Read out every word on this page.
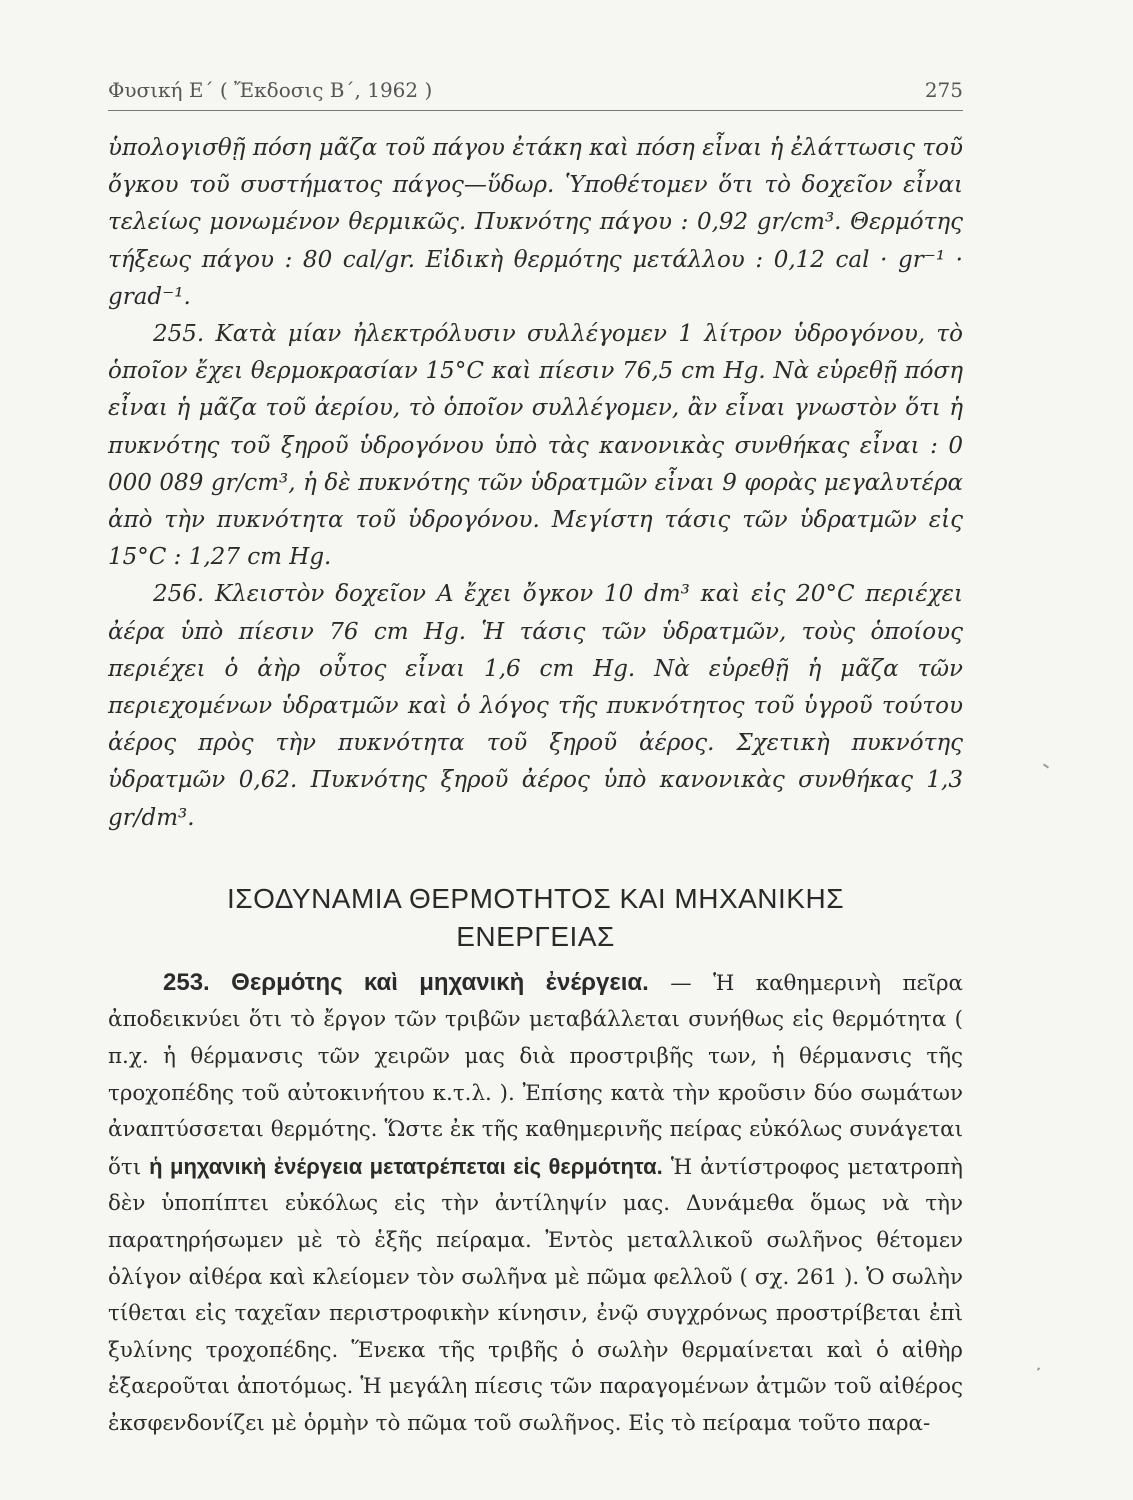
Φυσική Ε΄ ( Ἔκδοσις Β΄, 1962 )	275

ὑπολογισθῇ πόση μᾶζα τοῦ πάγου ἐτάκη καὶ πόση εἶναι ἡ ἐλάττωσις τοῦ ὄγκου τοῦ συστήματος πάγος—ὕδωρ. Ὑποθέτομεν ὅτι τὸ δοχεῖον εἶναι τελείως μονωμένον θερμικῶς. Πυκνότης πάγου : 0,92 gr/cm³. Θερμότης τήξεως πάγου : 80 cal/gr. Εἰδικὴ θερμότης μετάλλου : 0,12 cal · gr⁻¹ · grad⁻¹.

255. Κατὰ μίαν ἠλεκτρόλυσιν συλλέγομεν 1 λίτρον ὑδρογόνου, τὸ ὁποῖον ἔχει θερμοκρασίαν 15°C καὶ πίεσιν 76,5 cm Hg. Νὰ εὑρεθῇ πόση εἶναι ἡ μᾶζα τοῦ ἀερίου, τὸ ὁποῖον συλλέγομεν, ἂν εἶναι γνωστὸν ὅτι ἡ πυκνότης τοῦ ξηροῦ ὑδρογόνου ὑπὸ τὰς κανονικὰς συνθήκας εἶναι : 0 000 089 gr/cm³, ἡ δὲ πυκνότης τῶν ὑδρατμῶν εἶναι 9 φορὰς μεγαλυτέρα ἀπὸ τὴν πυκνότητα τοῦ ὑδρογόνου. Μεγίστη τάσις τῶν ὑδρατμῶν εἰς 15°C : 1,27 cm Hg.

256. Κλειστὸν δοχεῖον Α ἔχει ὄγκον 10 dm³ καὶ εἰς 20°C περιέχει ἀέρα ὑπὸ πίεσιν 76 cm Hg. Ἡ τάσις τῶν ὑδρατμῶν, τοὺς ὁποίους περιέχει ὁ ἀὴρ οὗτος εἶναι 1,6 cm Hg. Νὰ εὑρεθῇ ἡ μᾶζα τῶν περιεχομένων ὑδρατμῶν καὶ ὁ λόγος τῆς πυκνότητος τοῦ ὑγροῦ τούτου ἀέρος πρὸς τὴν πυκνότητα τοῦ ξηροῦ ἀέρος. Σχετικὴ πυκνότης ὑδρατμῶν 0,62. Πυκνότης ξηροῦ ἀέρος ὑπὸ κανονικὰς συνθήκας 1,3 gr/dm³.

ΙΣΟΔΥΝΑΜΙΑ ΘΕΡΜΟΤΗΤΟΣ ΚΑΙ ΜΗΧΑΝΙΚΗΣ
ΕΝΕΡΓΕΙΑΣ

253. Θερμότης καὶ μηχανικὴ ἐνέργεια. — Ἡ καθημερινὴ πεῖρα ἀποδεικνύει ὅτι τὸ ἔργον τῶν τριβῶν μεταβάλλεται συνήθως εἰς θερμότητα ( π.χ. ἡ θέρμανσις τῶν χειρῶν μας διὰ προστριβῆς των, ἡ θέρμανσις τῆς τροχοπέδης τοῦ αὐτοκινήτου κ.τ.λ. ). Ἐπίσης κατὰ τὴν κροῦσιν δύο σωμάτων ἀναπτύσσεται θερμότης. Ὥστε ἐκ τῆς καθημερινῆς πείρας εὐκόλως συνάγεται ὅτι ἡ μηχανικὴ ἐνέργεια μετατρέπεται εἰς θερμότητα. Ἡ ἀντίστροφος μετατροπὴ δὲν ὑποπίπτει εὐκόλως εἰς τὴν ἀντίληψίν μας. Δυνάμεθα ὅμως νὰ τὴν παρατηρήσωμεν μὲ τὸ ἑξῆς πείραμα. Ἐντὸς μεταλλικοῦ σωλῆνος θέτομεν ὀλίγον αἰθέρα καὶ κλείομεν τὸν σωλῆνα μὲ πῶμα φελλοῦ ( σχ. 261 ). Ὁ σωλὴν τίθεται εἰς ταχεῖαν περιστροφικὴν κίνησιν, ἐνῷ συγχρόνως προστρίβεται ἐπὶ ξυλίνης τροχοπέδης. Ἕνεκα τῆς τριβῆς ὁ σωλὴν θερμαίνεται καὶ ὁ αἰθὴρ ἐξαεροῦται ἀποτόμως. Ἡ μεγάλη πίεσις τῶν παραγομένων ἀτμῶν τοῦ αἰθέρος ἐκσφενδονίζει μὲ ὁρμὴν τὸ πῶμα τοῦ σωλῆνος. Εἰς τὸ πείραμα τοῦτο παρα-
